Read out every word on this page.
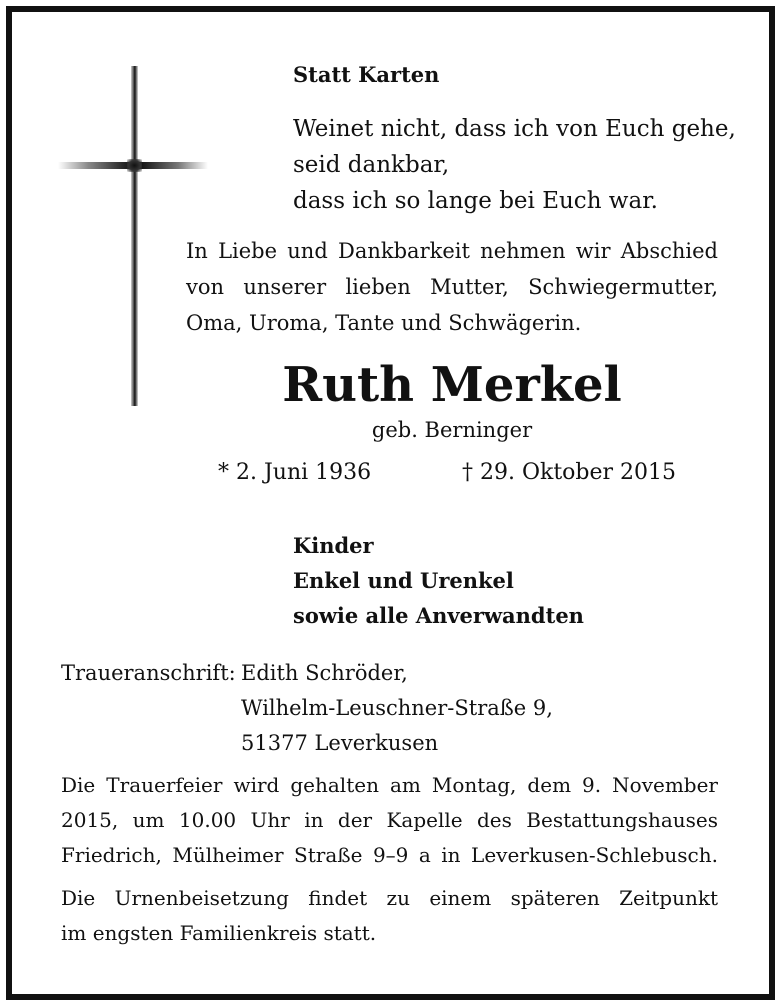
Statt Karten
Weinet nicht, dass ich von Euch gehe,
seid dankbar,
dass ich so lange bei Euch war.
In Liebe und Dankbarkeit nehmen wir Abschied
von unserer lieben Mutter, Schwiegermutter,
Oma, Uroma, Tante und Schwägerin.
Ruth Merkel
geb. Berninger
* 2. Juni 1936	† 29. Oktober 2015
Kinder
Enkel und Urenkel
sowie alle Anverwandten
Traueranschrift: Edith Schröder,
Wilhelm-Leuschner-Straße 9,
51377 Leverkusen
Die Trauerfeier wird gehalten am Montag, dem 9. November
2015, um 10.00 Uhr in der Kapelle des Bestattungshauses
Friedrich, Mülheimer Straße 9–9 a in Leverkusen-Schlebusch.
Die Urnenbeisetzung findet zu einem späteren Zeitpunkt
im engsten Familienkreis statt.
